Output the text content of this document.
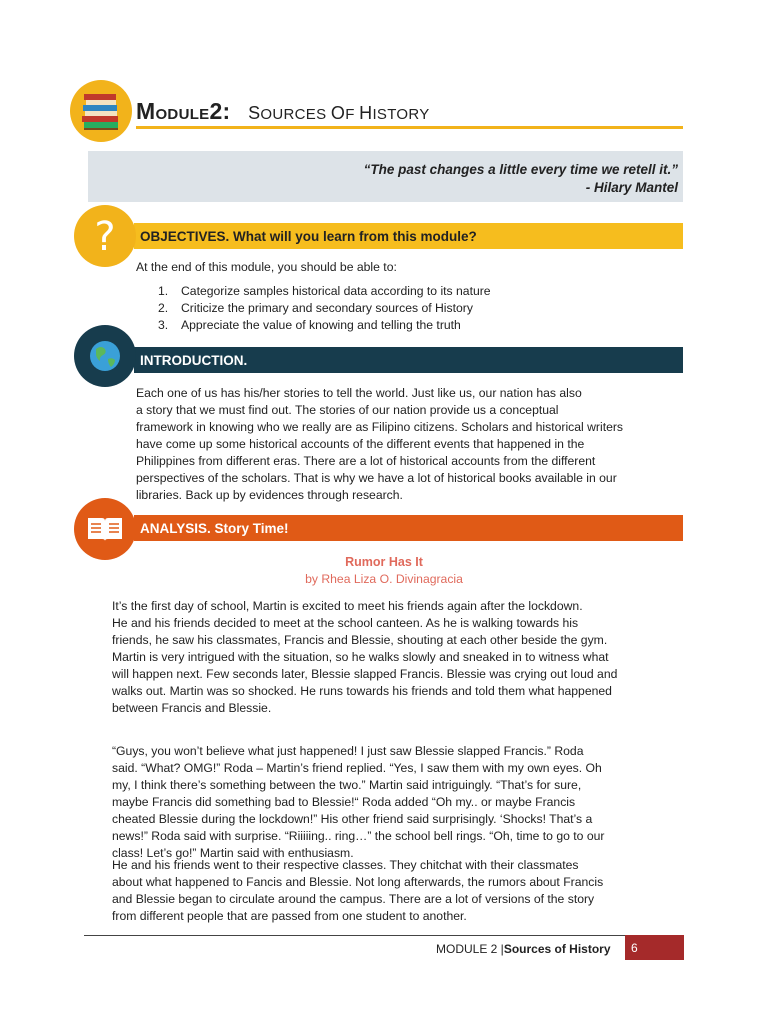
MODULE2: SOURCES OF HISTORY
“The past changes a little every time we retell it.”
- Hilary Mantel
? OBJECTIVES. What will you learn from this module?
At the end of this module, you should be able to:
1. Categorize samples historical data according to its nature
2. Criticize the primary and secondary sources of History
3. Appreciate the value of knowing and telling the truth
INTRODUCTION.
Each one of us has his/her stories to tell the world. Just like us, our nation has also
a story that we must find out. The stories of our nation provide us a conceptual
framework in knowing who we really are as Filipino citizens. Scholars and historical writers
have come up some historical accounts of the different events that happened in the
Philippines from different eras. There are a lot of historical accounts from the different
perspectives of the scholars. That is why we have a lot of historical books available in our
libraries. Back up by evidences through research.
ANALYSIS. Story Time!
Rumor Has It
by Rhea Liza O. Divinagracia
It’s the first day of school, Martin is excited to meet his friends again after the lockdown.
He and his friends decided to meet at the school canteen. As he is walking towards his
friends, he saw his classmates, Francis and Blessie, shouting at each other beside the gym.
Martin is very intrigued with the situation, so he walks slowly and sneaked in to witness what
will happen next. Few seconds later, Blessie slapped Francis. Blessie was crying out loud and
walks out. Martin was so shocked. He runs towards his friends and told them what happened
between Francis and Blessie.
“Guys, you won’t believe what just happened! I just saw Blessie slapped Francis.” Roda
said. “What? OMG!” Roda – Martin’s friend replied. “Yes, I saw them with my own eyes. Oh
my, I think there’s something between the two.” Martin said intriguingly. “That’s for sure,
maybe Francis did something bad to Blessie!“ Roda added “Oh my.. or maybe Francis
cheated Blessie during the lockdown!” His other friend said surprisingly. ‘Shocks! That’s a
news!” Roda said with surprise. “Riiiiing.. ring…” the school bell rings. “Oh, time to go to our
class! Let’s go!” Martin said with enthusiasm.
He and his friends went to their respective classes. They chitchat with their classmates
about what happened to Fancis and Blessie. Not long afterwards, the rumors about Francis
and Blessie began to circulate around the campus. There are a lot of versions of the story
from different people that are passed from one student to another.
MODULE 2 |Sources of History 6
